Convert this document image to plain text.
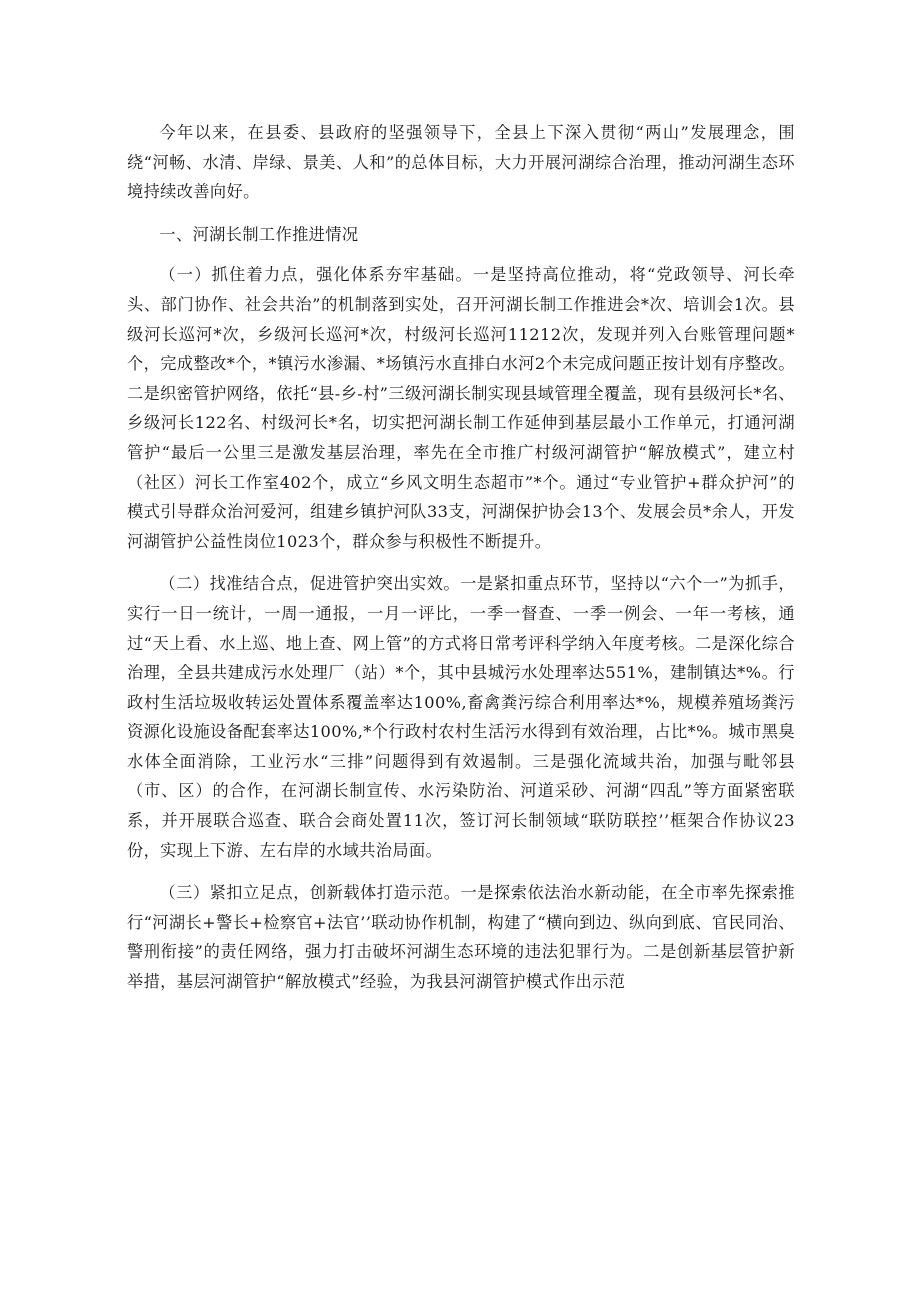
今年以来，在县委、县政府的坚强领导下，全县上下深入贯彻“两山”发展理念，围绕“河畅、水清、岸绿、景美、人和”的总体目标，大力开展河湖综合治理，推动河湖生态环境持续改善向好。

一、河湖长制工作推进情况

（一）抓住着力点，强化体系夯牢基础。一是坚持高位推动，将“党政领导、河长牵头、部门协作、社会共治”的机制落到实处，召开河湖长制工作推进会*次、培训会1次。县级河长巡河*次，乡级河长巡河*次，村级河长巡河11212次，发现并列入台账管理问题*个，完成整改*个，*镇污水渗漏、*场镇污水直排白水河2个未完成问题正按计划有序整改。二是织密管护网络，依托“县-乡-村”三级河湖长制实现县域管理全覆盖，现有县级河长*名、乡级河长122名、村级河长*名，切实把河湖长制工作延伸到基层最小工作单元，打通河湖管护“最后一公里三是激发基层治理，率先在全市推广村级河湖管护“解放模式”，建立村（社区）河长工作室402个，成立“乡风文明生态超市”*个。通过“专业管护+群众护河”的模式引导群众治河爱河，组建乡镇护河队33支，河湖保护协会13个、发展会员*余人，开发河湖管护公益性岗位1023个，群众参与积极性不断提升。

（二）找准结合点，促进管护突出实效。一是紧扣重点环节，坚持以“六个一”为抓手，实行一日一统计，一周一通报，一月一评比，一季一督查、一季一例会、一年一考核，通过“天上看、水上巡、地上查、网上管”的方式将日常考评科学纳入年度考核。二是深化综合治理，全县共建成污水处理厂（站）*个，其中县城污水处理率达551%，建制镇达*%。行政村生活垃圾收转运处置体系覆盖率达100%,畜禽粪污综合利用率达*%，规模养殖场粪污资源化设施设备配套率达100%,*个行政村农村生活污水得到有效治理，占比*%。城市黑臭水体全面消除，工业污水“三排”问题得到有效遏制。三是强化流域共治，加强与毗邻县（市、区）的合作，在河湖长制宣传、水污染防治、河道采砂、河湖“四乱”等方面紧密联系，并开展联合巡查、联合会商处置11次，签订河长制领域“联防联控’’框架合作协议23份，实现上下游、左右岸的水域共治局面。

（三）紧扣立足点，创新载体打造示范。一是探索依法治水新动能，在全市率先探索推行“河湖长+警长+检察官+法官’’联动协作机制，构建了“横向到边、纵向到底、官民同治、警刑衔接”的责任网络，强力打击破坏河湖生态环境的违法犯罪行为。二是创新基层管护新举措，基层河湖管护“解放模式”经验，为我县河湖管护模式作出示范
